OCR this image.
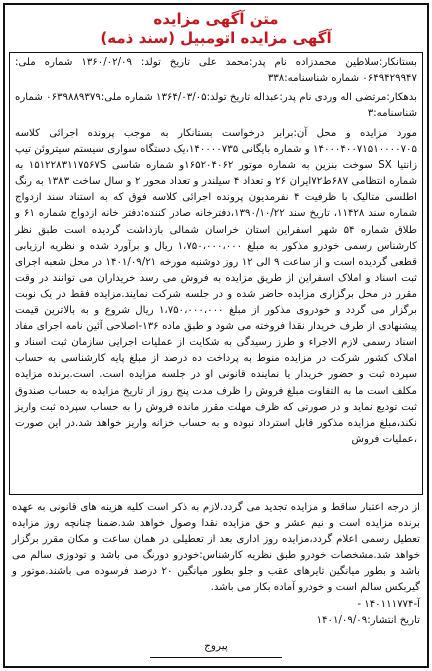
متن آگهی مزایده
آگهی مزایده اتومبیل (سند ذمه)

بستانکار:سلاطین محمدزاده نام پدر:محمد علی تاریخ تولد: ۱۳۶۰/۰۲/۰۹ شماره ملی: ۰۶۴۹۴۲۹۹۴۷ شماره شناسنامه:۳۳۸

بدهکار:مرتضی اله وردی نام پدر:عبداله تاریخ تولد:۱۳۶۴/۰۳/۰۵ شماره ملی:۰۶۳۹۸۸۹۳۷۹ شماره شناسنامه:۳

مورد مزایده و محل آن:برابر درخواست بستانکار به موجب پرونده اجرائی کلاسه ۱۴۰۰۰۴۰۰۷۱۵۱۰۰۰۰۷۰۵ و شماره بایگانی ۱۴۰۰۰۰۷۳۵،یک دستگاه سواری سیستم سیتروئن تیپ زانتیا SX سوخت بنزین به شماره موتور ۱۶۵۲۰۴۰۶۲و شماره شاسی ۱۵۱۲۲۸۳۱۱۷۵۶۷S به شماره انتظامی ۶۸۷ط۷۲ایران ۲۶ و تعداد ۴ سیلندر و تعداد محور ۲ و سال ساخت ۱۳۸۳ به رنگ اطلسی متالیک با ظرفیت ۴ نفرمدیون پرونده اجرائی کلاسه فوق که به استناد سند ازدواج شماره سند ۱۱۴۲۸، تاریخ سند ۱۳۹۰/۱۰/۲۲،دفترخانه صادر کننده:دفتر خانه ازدواج شماره ۶۱ و طلاق شماره ۵۴ شهر اسفراین استان خراسان شمالی بازداشت گردیده است طبق نظر کارشناس رسمی خودرو مذکور به مبلغ ۱،۷۵۰،۰۰۰،۰۰۰ ریال و برآورد شده و نظریه ارزیابی قطعی گردیده است و از ساعت ۹ الی ۱۲ روز دوشنبه مورخه ۱۴۰۱/۰۹/۲۱ در محل شعبه اجرای ثبت اسناد و املاک اسفراین از طریق مزایده به فروش می رسد خریداران می توانند در وقت مقرر در محل برگزاری مزایده حاضر شده و در جلسه شرکت نمایند.مزایده فقط در یک نوبت برگزار می گردد و خودروی مذکور از مبلغ ۱،۷۵۰،۰۰۰،۰۰۰ ریال شروع و به بالاترین قیمت پیشنهادی از طرف خریدار نقدا فروخته می شود و طبق ماده ۱۳۶-اصلاحی آئین نامه اجرای مفاد اسناد رسمی لازم الاجراء و طرز رسیدگی به شکایت از عملیات اجرایی سازمان ثبت اسناد و املاک کشور شرکت در مزایده منوط به پرداخت ده درصد از مبلغ پایه کارشناسی به حساب سپرده ثبت و حضور خریدار یا نماینده قانونی او در جلسه مزایده است. است.برنده مزایده مکلف است ما به التفاوت مبلغ فروش را ظرف مدت پنج روز از تاریخ مزایده به حساب صندوق ثبت تودیع نماید و در صورتی که ظرف مهلت مقرر مانده فروش را به حساب سپرده ثبت واریز نکند،مبلغ مزایده مذکور قابل استرداد نبوده و به حساب خزانه واریز خواهد شد.در این صورت ،عملیات فروش

از درجه اعتبار ساقط و مزایده تجدید می گردد.لازم به ذکر است کلیه هزینه های قانونی به عهده برنده مزایده است و نیم عشر و حق مزایده نقدا وصول خواهد شد.ضمنا چنانچه روز مزایده تعطیل رسمی اعلام گردد،مزایده روز اداری بعد از تعطیلی در همان ساعت و مکان مقرر برگزار خواهد شد.مشخصات خودرو طبق نظریه کارشناس:خودرو دورنگ می باشد و تودوزی سالم می باشد و بطور میانگین تایرهای عقب و جلو بطور میانگین ۲۰ درصد فرسوده می باشند.موتور و گیربکس سالم است و خودرو آماده بکار می باشد.

آ-۱۴۰۱۱۱۷۷۴ -

تاریخ انتشار:۱۴۰۱/۰۹/۰۹

پیروج
